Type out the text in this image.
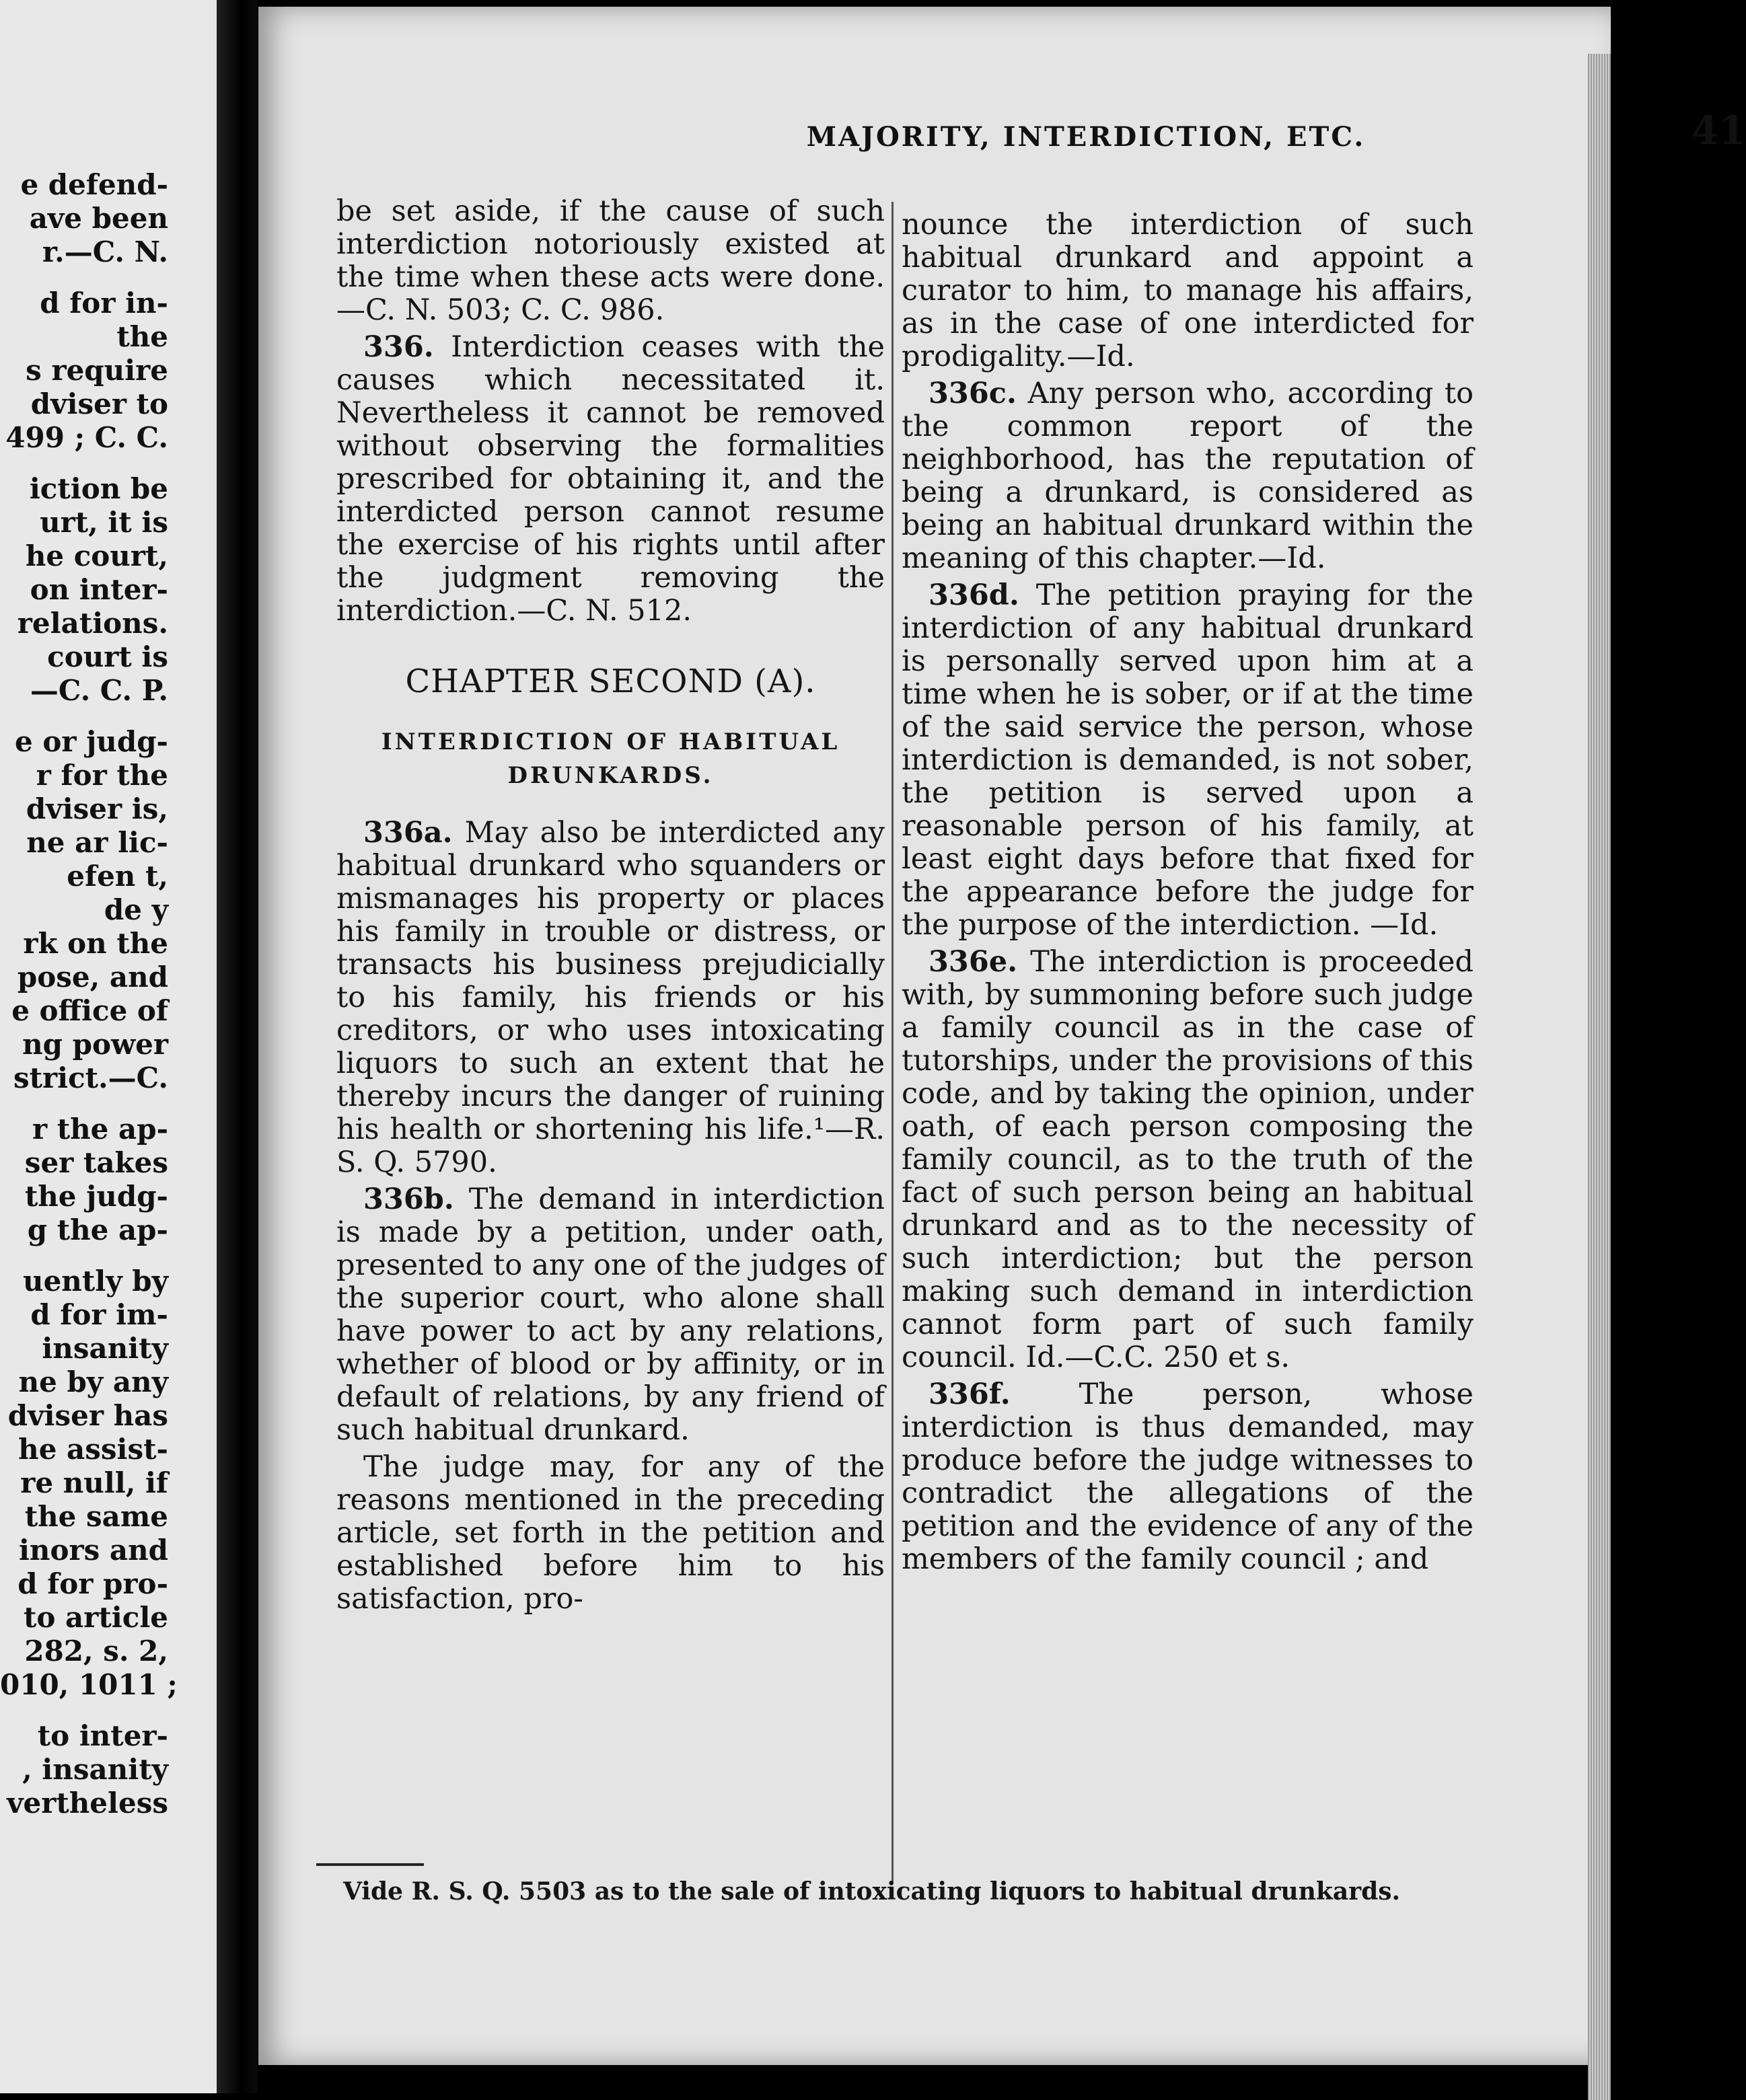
e defend-
ave been
r.—C. N.
d for in-
the
s require
dviser to
499 ; C. C.
iction be
urt, it is
he court,
on inter-
relations.
court is
—C. C. P.
e or judg-
r for the
dviser is,
ne ar lic-
efen t,
de y
rk on the
pose, and
e office of
ng power
strict.—C.
r the ap-
ser takes
the judg-
g the ap-
uently by
d for im-
insanity
ne by any
dviser has
he assist-
re null, if
the same
inors and
d for pro-
to article
282, s. 2,
010, 1011 ;
to inter-
, insanity
vertheless
MAJORITY, INTERDICTION, ETC.	41

be set aside, if the cause of such interdiction notoriously existed at the time when these acts were done.—C. N. 503; C. C. 986.

336. Interdiction ceases with the causes which necessitated it. Nevertheless it cannot be removed without observing the formalities prescribed for obtaining it, and the interdicted person cannot resume the exercise of his rights until after the judgment removing the interdiction.—C. N. 512.

CHAPTER SECOND (A).
INTERDICTION OF HABITUAL DRUNKARDS.

336a. May also be interdicted any habitual drunkard who squanders or mismanages his property or places his family in trouble or distress, or transacts his business prejudicially to his family, his friends or his creditors, or who uses intoxicating liquors to such an extent that he thereby incurs the danger of ruining his health or shortening his life.¹—R. S. Q. 5790.

336b. The demand in interdiction is made by a petition, under oath, presented to any one of the judges of the superior court, who alone shall have power to act by any relations, whether of blood or by affinity, or in default of relations, by any friend of such habitual drunkard.

The judge may, for any of the reasons mentioned in the preceding article, set forth in the petition and established before him to his satisfaction, pro-

nounce the interdiction of such habitual drunkard and appoint a curator to him, to manage his affairs, as in the case of one interdicted for prodigality.—Id.

336c. Any person who, according to the common report of the neighborhood, has the reputation of being a drunkard, is considered as being an habitual drunkard within the meaning of this chapter.—Id.

336d. The petition praying for the interdiction of any habitual drunkard is personally served upon him at a time when he is sober, or if at the time of the said service the person, whose interdiction is demanded, is not sober, the petition is served upon a reasonable person of his family, at least eight days before that fixed for the appearance before the judge for the purpose of the interdiction. —Id.

336e. The interdiction is proceeded with, by summoning before such judge a family council as in the case of tutorships, under the provisions of this code, and by taking the opinion, under oath, of each person composing the family council, as to the truth of the fact of such person being an habitual drunkard and as to the necessity of such interdiction; but the person making such demand in interdiction cannot form part of such family council. Id.—C.C. 250 et s.

336f. The person, whose interdiction is thus demanded, may produce before the judge witnesses to contradict the allegations of the petition and the evidence of any of the members of the family council ; and

Vide R. S. Q. 5503 as to the sale of intoxicating liquors to habitual drunkards.
